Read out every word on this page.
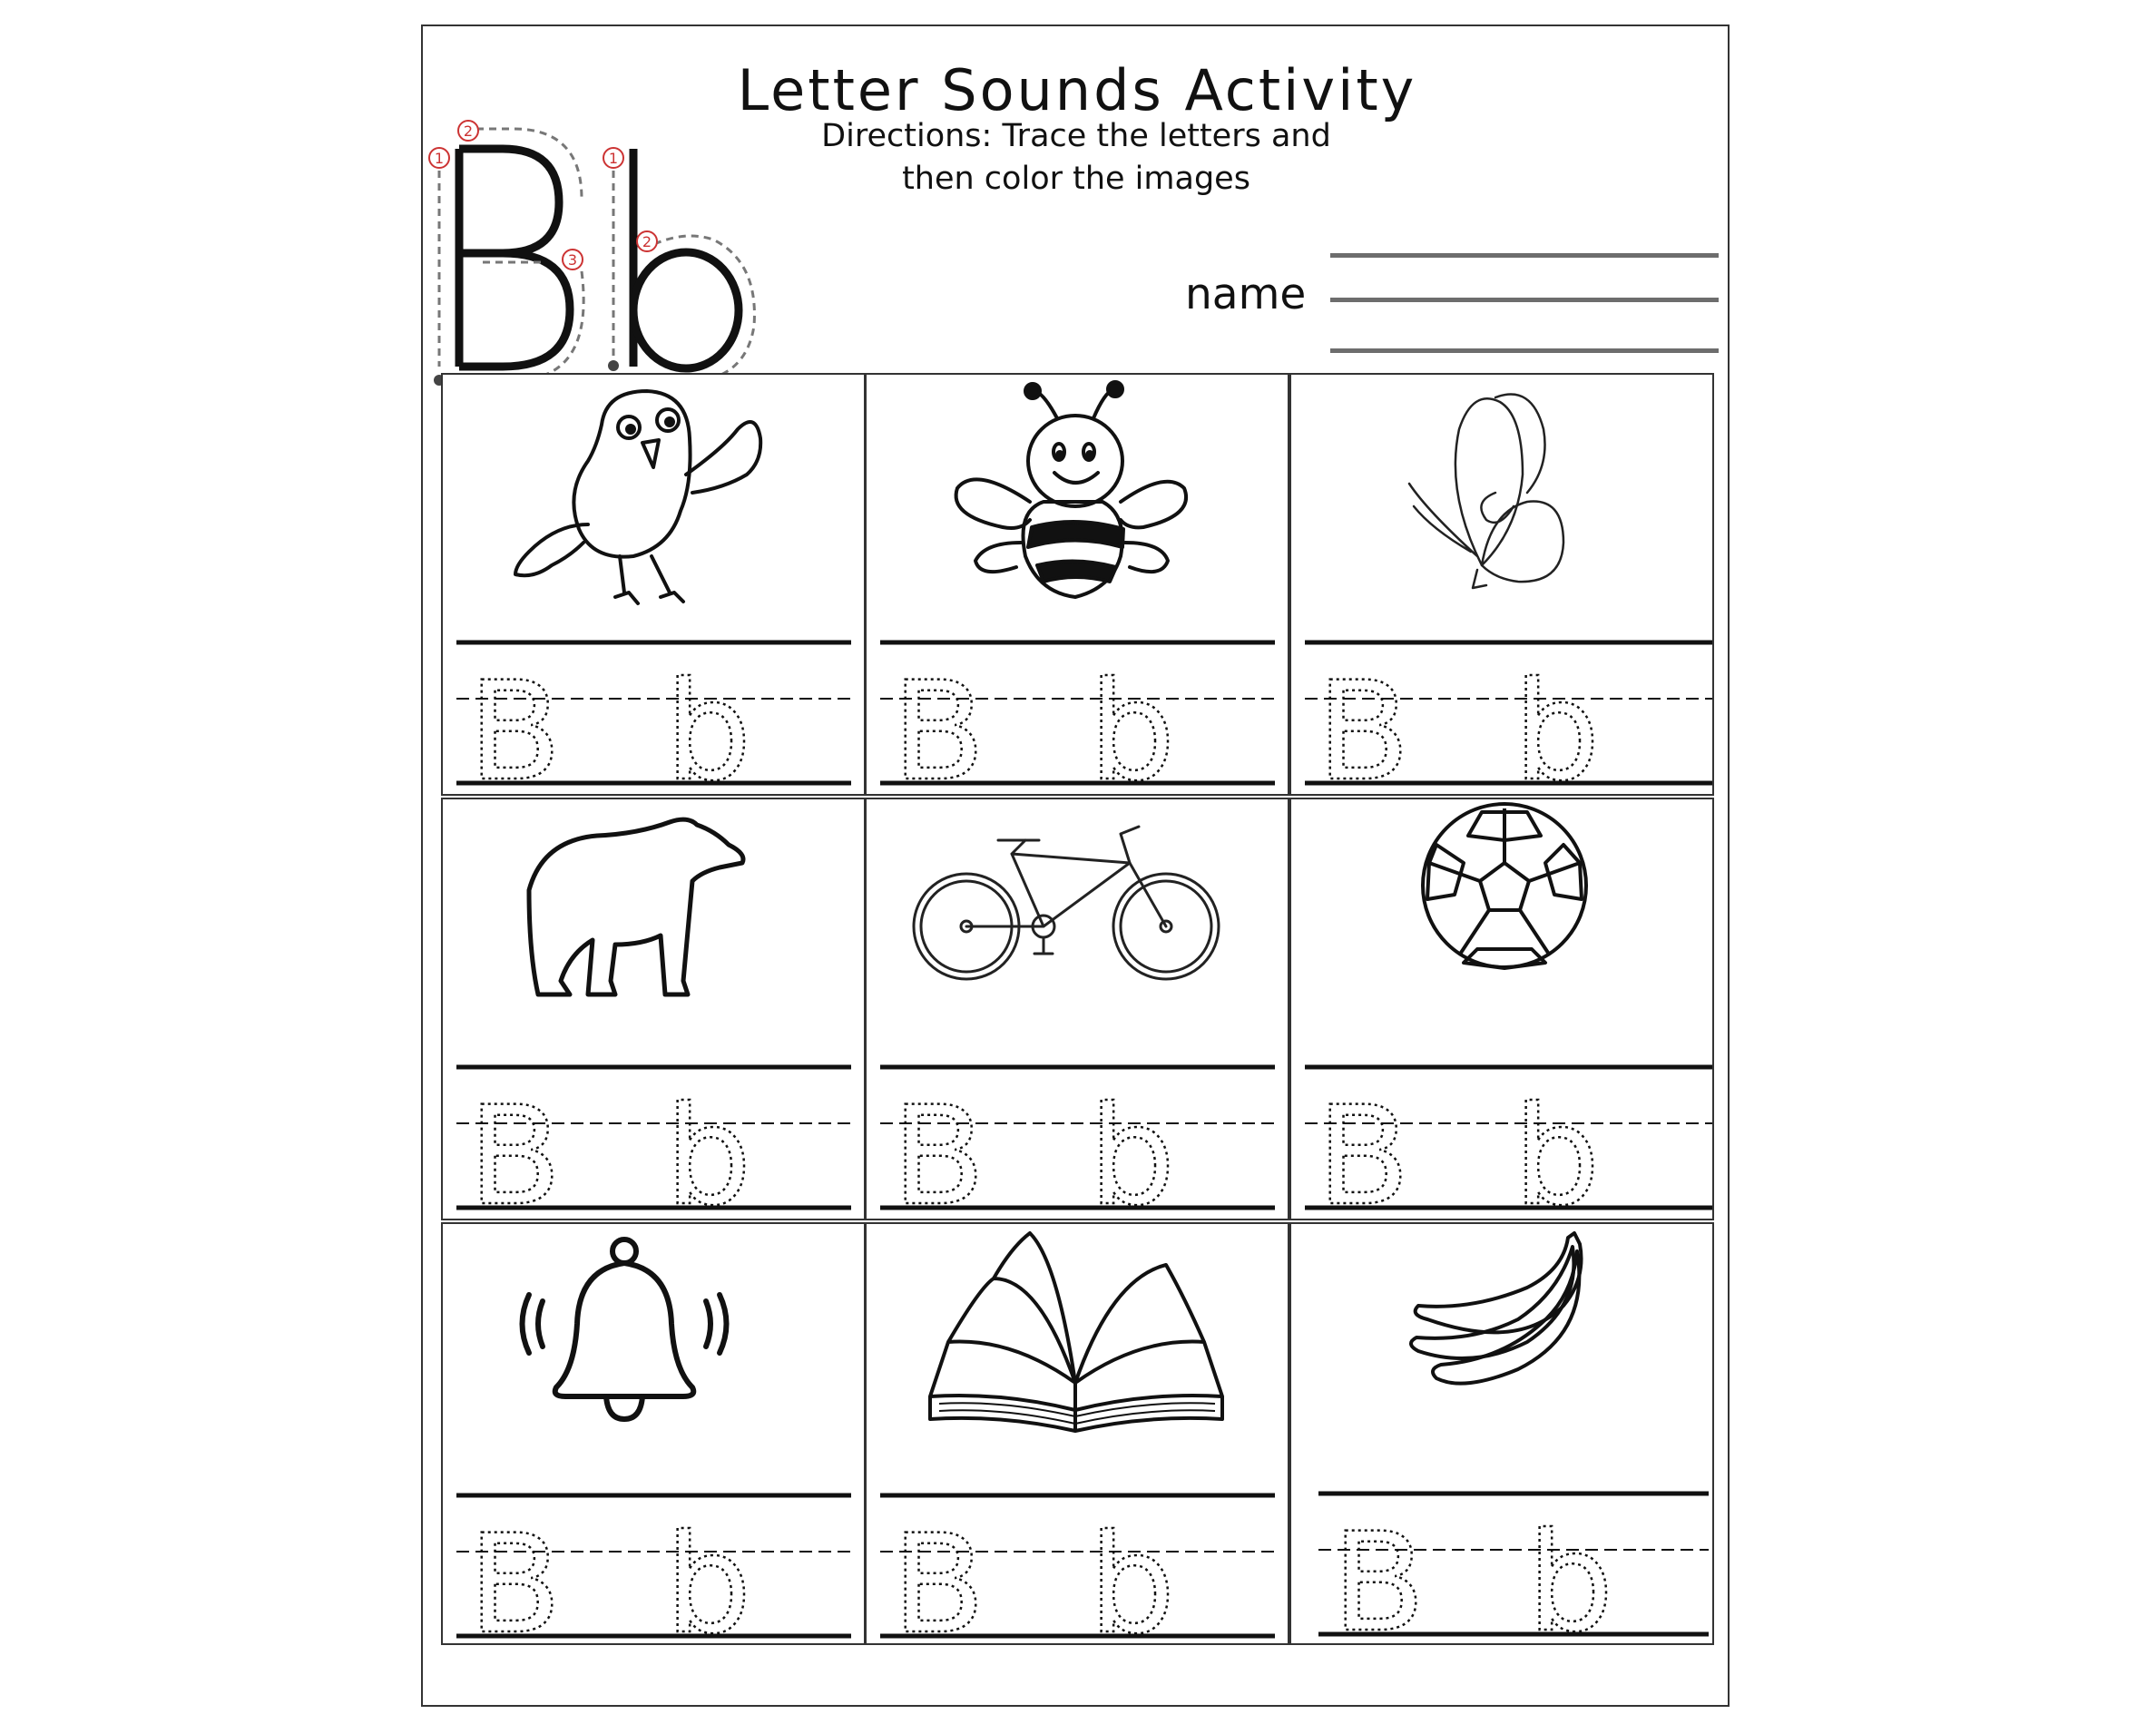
Letter Sounds Activity
Directions: Trace the letters and then color the images
name
1
2
3
1
2
B b B b B b
B b B b B b
B b B b B b
